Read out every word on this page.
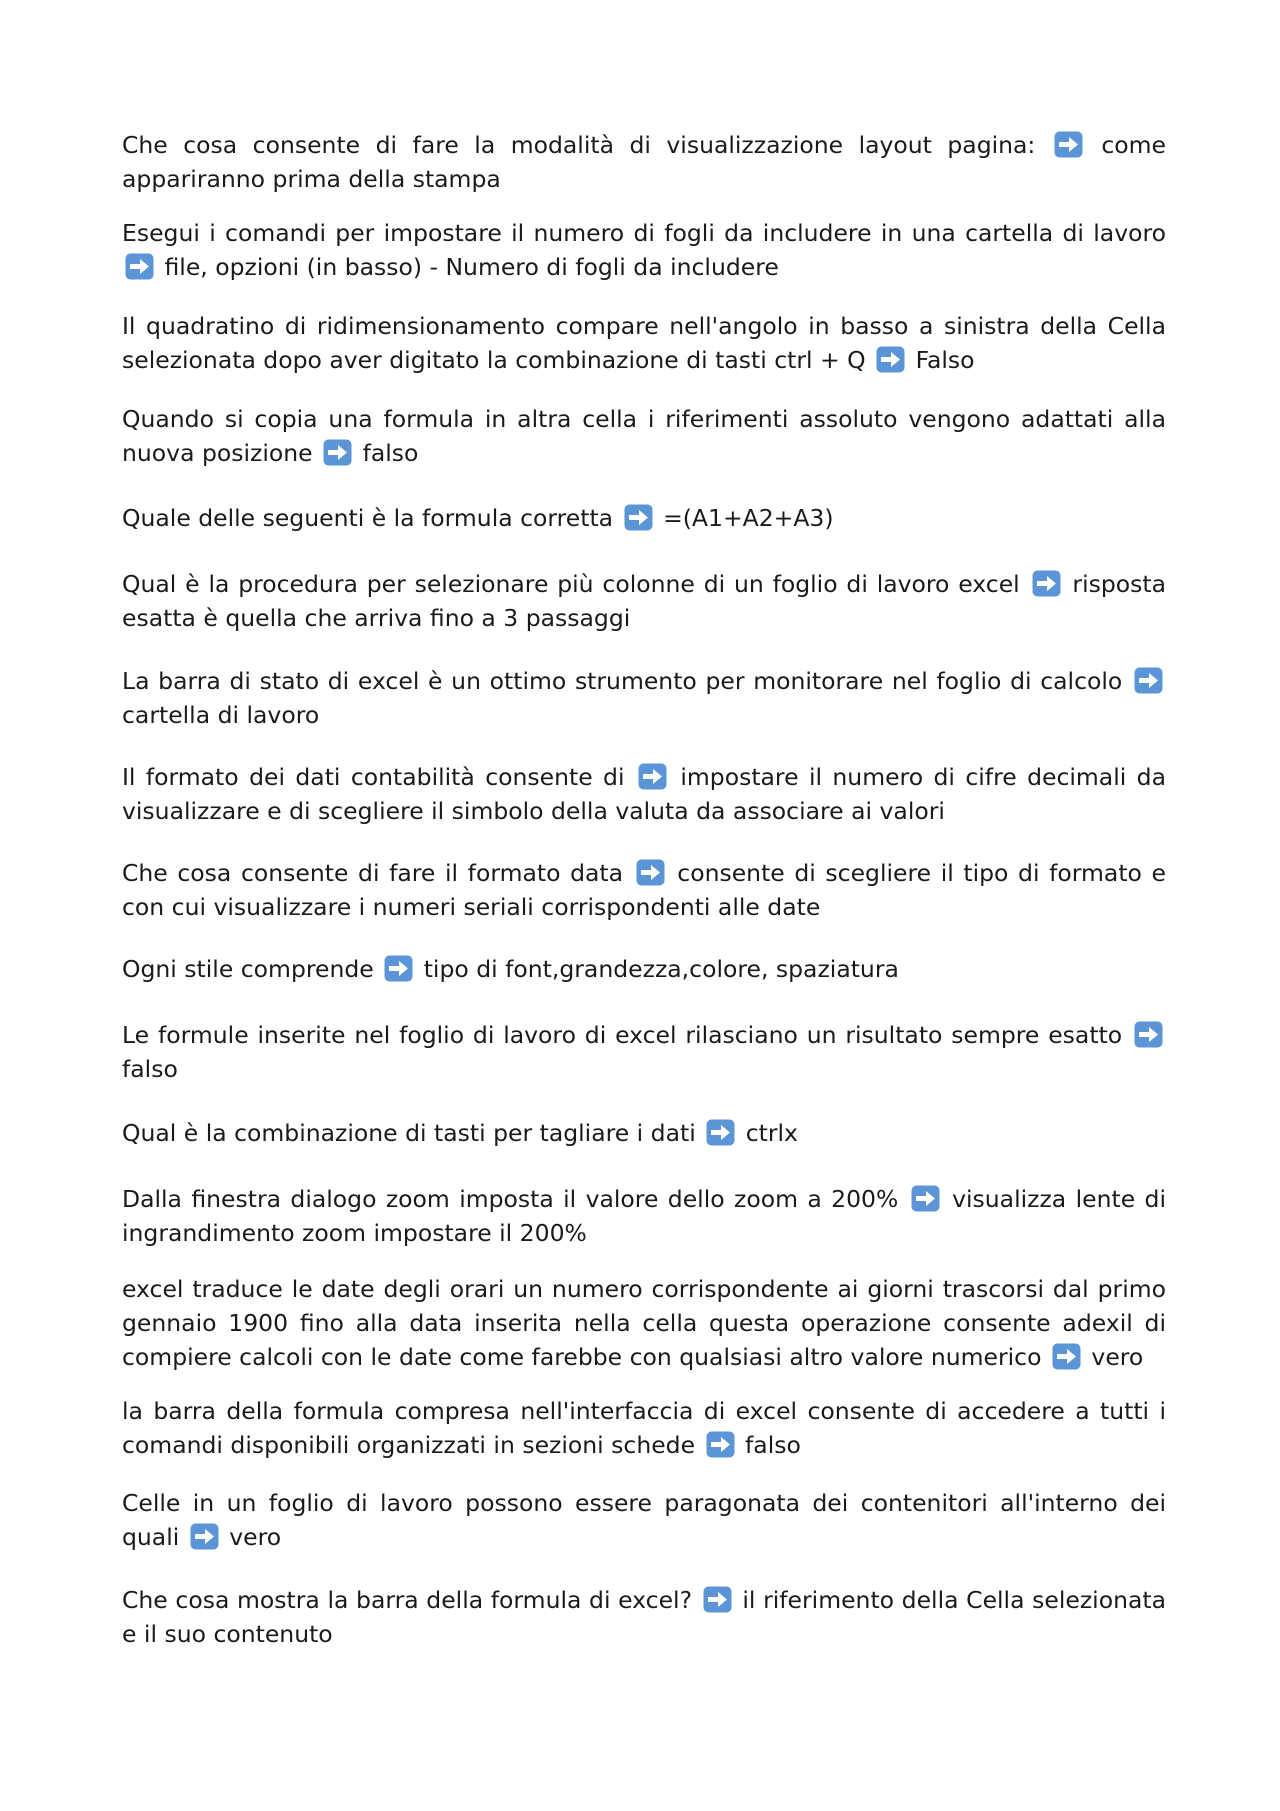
Che cosa consente di fare la modalità di visualizzazione layout pagina:	come appariranno prima della stampa

Esegui i comandi per impostare il numero di fogli da includere in una cartella di lavoro
file, opzioni (in basso) - Numero di fogli da includere

Il quadratino di ridimensionamento compare nell'angolo in basso a sinistra della Cella selezionata dopo aver digitato la combinazione di tasti ctrl + Q Falso

Quando si copia una formula in altra cella i riferimenti assoluto vengono adattati alla nuova posizione falso

Quale delle seguenti è la formula corretta =(A1+A2+A3)

Qual è la procedura per selezionare più colonne di un foglio di lavoro excel risposta esatta è quella che arriva fino a 3 passaggi

La barra di stato di excel è un ottimo strumento per monitorare nel foglio di calcolo
cartella di lavoro

Il formato dei dati contabilità consente di impostare il numero di cifre decimali da visualizzare e di scegliere il simbolo della valuta da associare ai valori

Che cosa consente di fare il formato data consente di scegliere il tipo di formato e con cui visualizzare i numeri seriali corrispondenti alle date

Ogni stile comprende tipo di font,grandezza,colore, spaziatura

Le formule inserite nel foglio di lavoro di excel rilasciano un risultato sempre esatto
falso

Qual è la combinazione di tasti per tagliare i dati ctrlx

Dalla finestra dialogo zoom imposta il valore dello zoom a 200% visualizza lente di ingrandimento zoom impostare il 200%

excel traduce le date degli orari un numero corrispondente ai giorni trascorsi dal primo gennaio 1900 fino alla data inserita nella cella questa operazione consente adexil di compiere calcoli con le date come farebbe con qualsiasi altro valore numerico vero

la barra della formula compresa nell'interfaccia di excel consente di accedere a tutti i comandi disponibili organizzati in sezioni schede falso

Celle in un foglio di lavoro possono essere paragonata dei contenitori all'interno dei quali vero

Che cosa mostra la barra della formula di excel? il riferimento della Cella selezionata e il suo contenuto
